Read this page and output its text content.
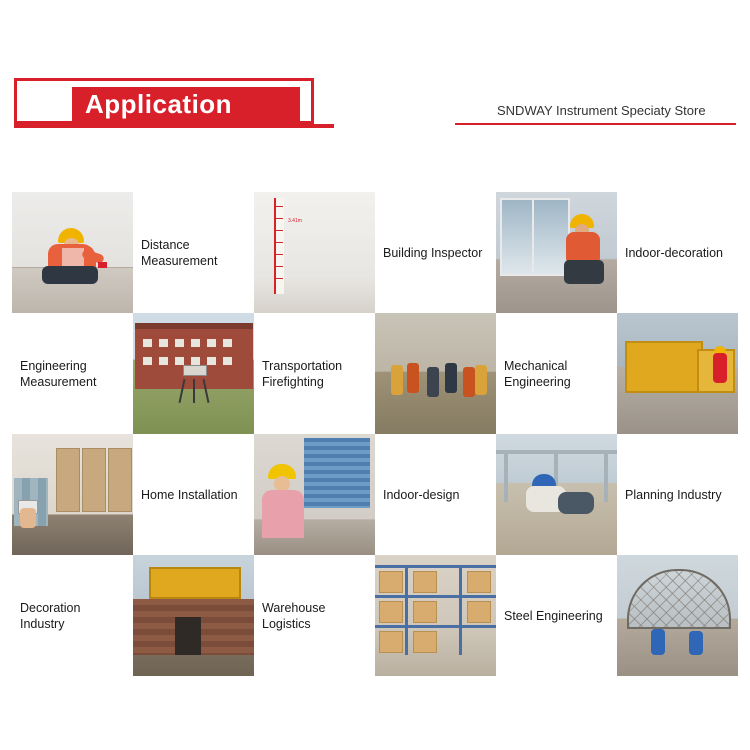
Application	SNDWAY Instrument Speciaty Store
Distance Measurement
3.41m
Building Inspector	Indoor-decoration
Engineering Measurement
Transportation Firefighting
Mechanical Engineering
Home Installation	Indoor-design	Planning Industry
Decoration Industry
Warehouse Logistics
Steel Engineering
